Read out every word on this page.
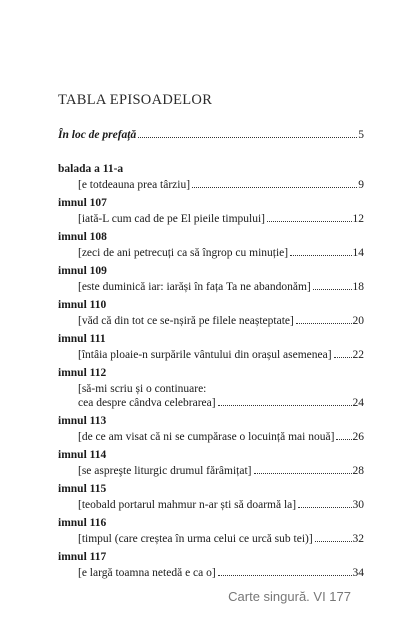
TABLA EPISOADELOR
În loc de prefață	5
balada a 11-a
[e totdeauna prea târziu]	9
imnul 107
[iată-L cum cad de pe El pieile timpului]	12
imnul 108
[zeci de ani petrecuți ca să îngrop cu minuție]	14
imnul 109
[este duminică iar: iarăși în fața Ta ne abandonăm]	18
imnul 110
[văd că din tot ce se-nșiră pe filele neașteptate]	20
imnul 111
[întâia ploaie-n surpările vântului din orașul asemenea] 22
imnul 112
[să-mi scriu și o continuare:
cea despre cândva celebrarea]	24
imnul 113
[de ce am visat că ni se cumpărase o locuință mai nouă] 26
imnul 114
[se aspreşte liturgic drumul fărâmițat]	28
imnul 115
[teobald portarul mahmur n-ar ști să doarmă la]	30
imnul 116
[timpul (care creștea în urma celui ce urcă sub tei)]	32
imnul 117
[e largă toamna netedă e ca o]	34
Carte singură. VI 177
